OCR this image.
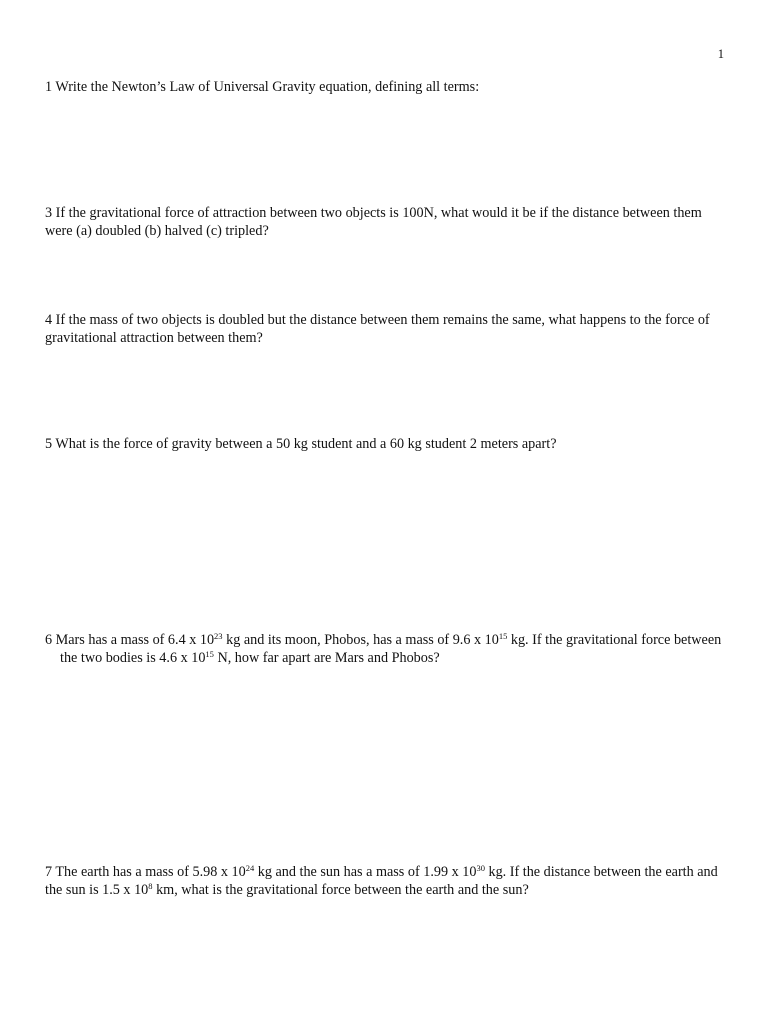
1

1 Write the Newton’s Law of Universal Gravity equation, defining all terms:

3 If the gravitational force of attraction between two objects is 100N, what would it be if the distance between them were (a) doubled (b) halved (c) tripled?

4 If the mass of two objects is doubled but the distance between them remains the same, what happens to the force of gravitational attraction between them?

5 What is the force of gravity between a 50 kg student and a 60 kg student 2 meters apart?

6 Mars has a mass of 6.4 x $10^{23}$ kg and its moon, Phobos, has a mass of 9.6 x $10^{15}$ kg. If the gravitational force between the two bodies is 4.6 x $10^{15}$ N, how far apart are Mars and Phobos?

7 The earth has a mass of 5.98 x $10^{24}$ kg and the sun has a mass of 1.99 x $10^{30}$ kg. If the distance between the earth and the sun is 1.5 x $10^8$ km, what is the gravitational force between the earth and the sun?
